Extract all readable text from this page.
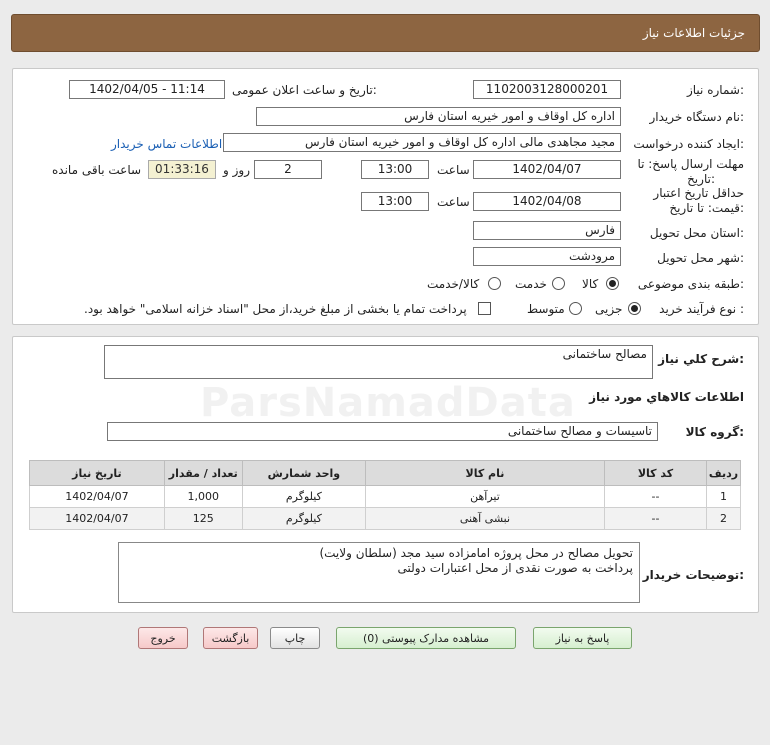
جزئیات اطلاعات نیاز
شماره نیاز:
1102003128000201
تاریخ و ساعت اعلان عمومی:
1402/04/05 - 11:14
نام دستگاه خریدار:
اداره کل اوقاف و امور خیریه استان فارس
ایجاد کننده درخواست:
مجید مجاهدی مالی اداره کل اوقاف و امور خیریه استان فارس
اطلاعات تماس خریدار
مهلت ارسال پاسخ: تا
تاریخ:
1402/04/07
ساعت
13:00
2
روز و
01:33:16
ساعت باقی مانده
حداقل تاریخ اعتبار
قیمت: تا تاریخ:
1402/04/08
ساعت
13:00
استان محل تحویل:
فارس
شهر محل تحویل:
مرودشت
طبقه بندی موضوعی:
کالا
خدمت
کالا/خدمت
نوع فرآیند خرید :
جزیی
متوسط
پرداخت تمام یا بخشی از مبلغ خرید،از محل "اسناد خزانه اسلامی" خواهد بود.
شرح كلي نياز:
مصالح ساختمانی
اطلاعات كالاهاي مورد نياز
گروه كالا:
تاسیسات و مصالح ساختمانی
ردیف	کد کالا	نام کالا	واحد شمارش	تعداد / مقدار	تاریخ نیاز
1	--	تیرآهن	کیلوگرم	1,000	1402/04/07
2	--	نبشی آهنی	کیلوگرم	125	1402/04/07
توضیحات خریدار:
تحویل مصالح در محل پروژه امامزاده سید مجد (سلطان ولایت)
پرداخت به صورت نقدی از محل اعتبارات دولتی
پاسخ به نیاز
مشاهده مدارک پیوستی (0)
چاپ
بازگشت
خروج
